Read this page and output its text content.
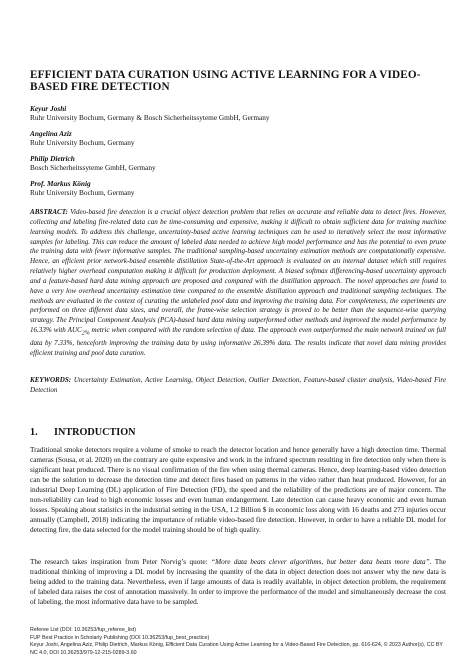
EFFICIENT DATA CURATION USING ACTIVE LEARNING FOR A VIDEO-BASED FIRE DETECTION
Keyur Joshi
Ruhr University Bochum, Germany & Bosch Sicherheitssyteme GmbH, Germany
Angelina Aziz
Ruhr University Bochum, Germany
Philip Dietrich
Bosch Sicherheitssyteme GmbH, Germany
Prof. Markus König
Ruhr University Bochum, Germany

ABSTRACT: Video-based fire detection is a crucial object detection problem that relies on accurate and reliable data to detect fires. However, collecting and labeling fire-related data can be time-consuming and expensive, making it difficult to obtain sufficient data for training machine learning models. To address this challenge, uncertainty-based active learning techniques can be used to iteratively select the most informative samples for labeling. This can reduce the amount of labeled data needed to achieve high model performance and has the potential to even prune the training data with fewer informative samples. The traditional sampling-based uncertainty estimation methods are computationally expensive. Hence, an efficient prior network-based ensemble distillation State-of-the-Art approach is evaluated on an internal dataset which still requires relatively higher overhead computation making it difficult for production deployment. A biased softmax differencing-based uncertainty approach and a feature-based hard data mining approach are proposed and compared with the distillation approach. The novel approaches are found to have a very low overhead uncertainty estimation time compared to the ensemble distillation approach and traditional sampling techniques. The methods are evaluated in the context of curating the unlabeled pool data and improving the training data. For completeness, the experiments are performed on three different data sizes, and overall, the frame-wise selection strategy is proved to be better than the sequence-wise querying strategy. The Principal Component Analysis (PCA)-based hard data mining outperformed other methods and improved the model performance by 16.33% with $AUC_{2\%}$ metric when compared with the random selection of data. The approach even outperformed the main network trained on full data by 7.33%, henceforth improving the training data by using informative 26.39% data. The results indicate that novel data mining provides efficient training and pool data curation.

KEYWORDS: Uncertainty Estimation, Active Learning, Object Detection, Outlier Detection, Feature-based cluster analysis, Video-based Fire Detection

1. INTRODUCTION

Traditional smoke detectors require a volume of smoke to reach the detector location and hence generally have a high detection time. Thermal cameras (Sousa, et al. 2020) on the contrary are quite expensive and work in the infrared spectrum resulting in fire detection only when there is significant heat produced. There is no visual confirmation of the fire when using thermal cameras. Hence, deep learning-based video detection can be the solution to decrease the detection time and detect fires based on patterns in the video rather than heat produced. However, for an industrial Deep Learning (DL) application of Fire Detection (FD), the speed and the reliability of the predictions are of major concern. The non-reliability can lead to high economic losses and even human endangerment. Late detection can cause heavy economic and even human losses. Speaking about statistics in the industrial setting in the USA, 1.2 Billion $ in economic loss along with 16 deaths and 273 injuries occur annually (Campbell, 2018) indicating the importance of reliable video-based fire detection. However, in order to have a reliable DL model for detecting fire, the data selected for the model training should be of high quality.

The research takes inspiration from Peter Norvig’s quote: “More data beats clever algorithms, but better data beats more data”. The traditional thinking of improving a DL model by increasing the quantity of the data in object detection does not answer why the new data is being added to the training data. Nevertheless, even if large amounts of data is readily available, in object detection problem, the requirement of labeled data raises the cost of annotation massively. In order to improve the performance of the model and simultaneously decrease the cost of labeling, the most informative data have to be sampled.

Referee List (DOI: 10.36253/fup_referee_list)
FUP Best Practice in Scholarly Publishing (DOI 10.36253/fup_best_practice)
Keyur Joshi, Angelina Aziz, Philip Dietrich, Markus König, Efficient Data Curation Using Active Learning for a Video-Based Fire Detection, pp. 616-624, © 2023 Author(s), CC BY NC 4.0, DOI 10.36253/979-12-215-0289-3.60
